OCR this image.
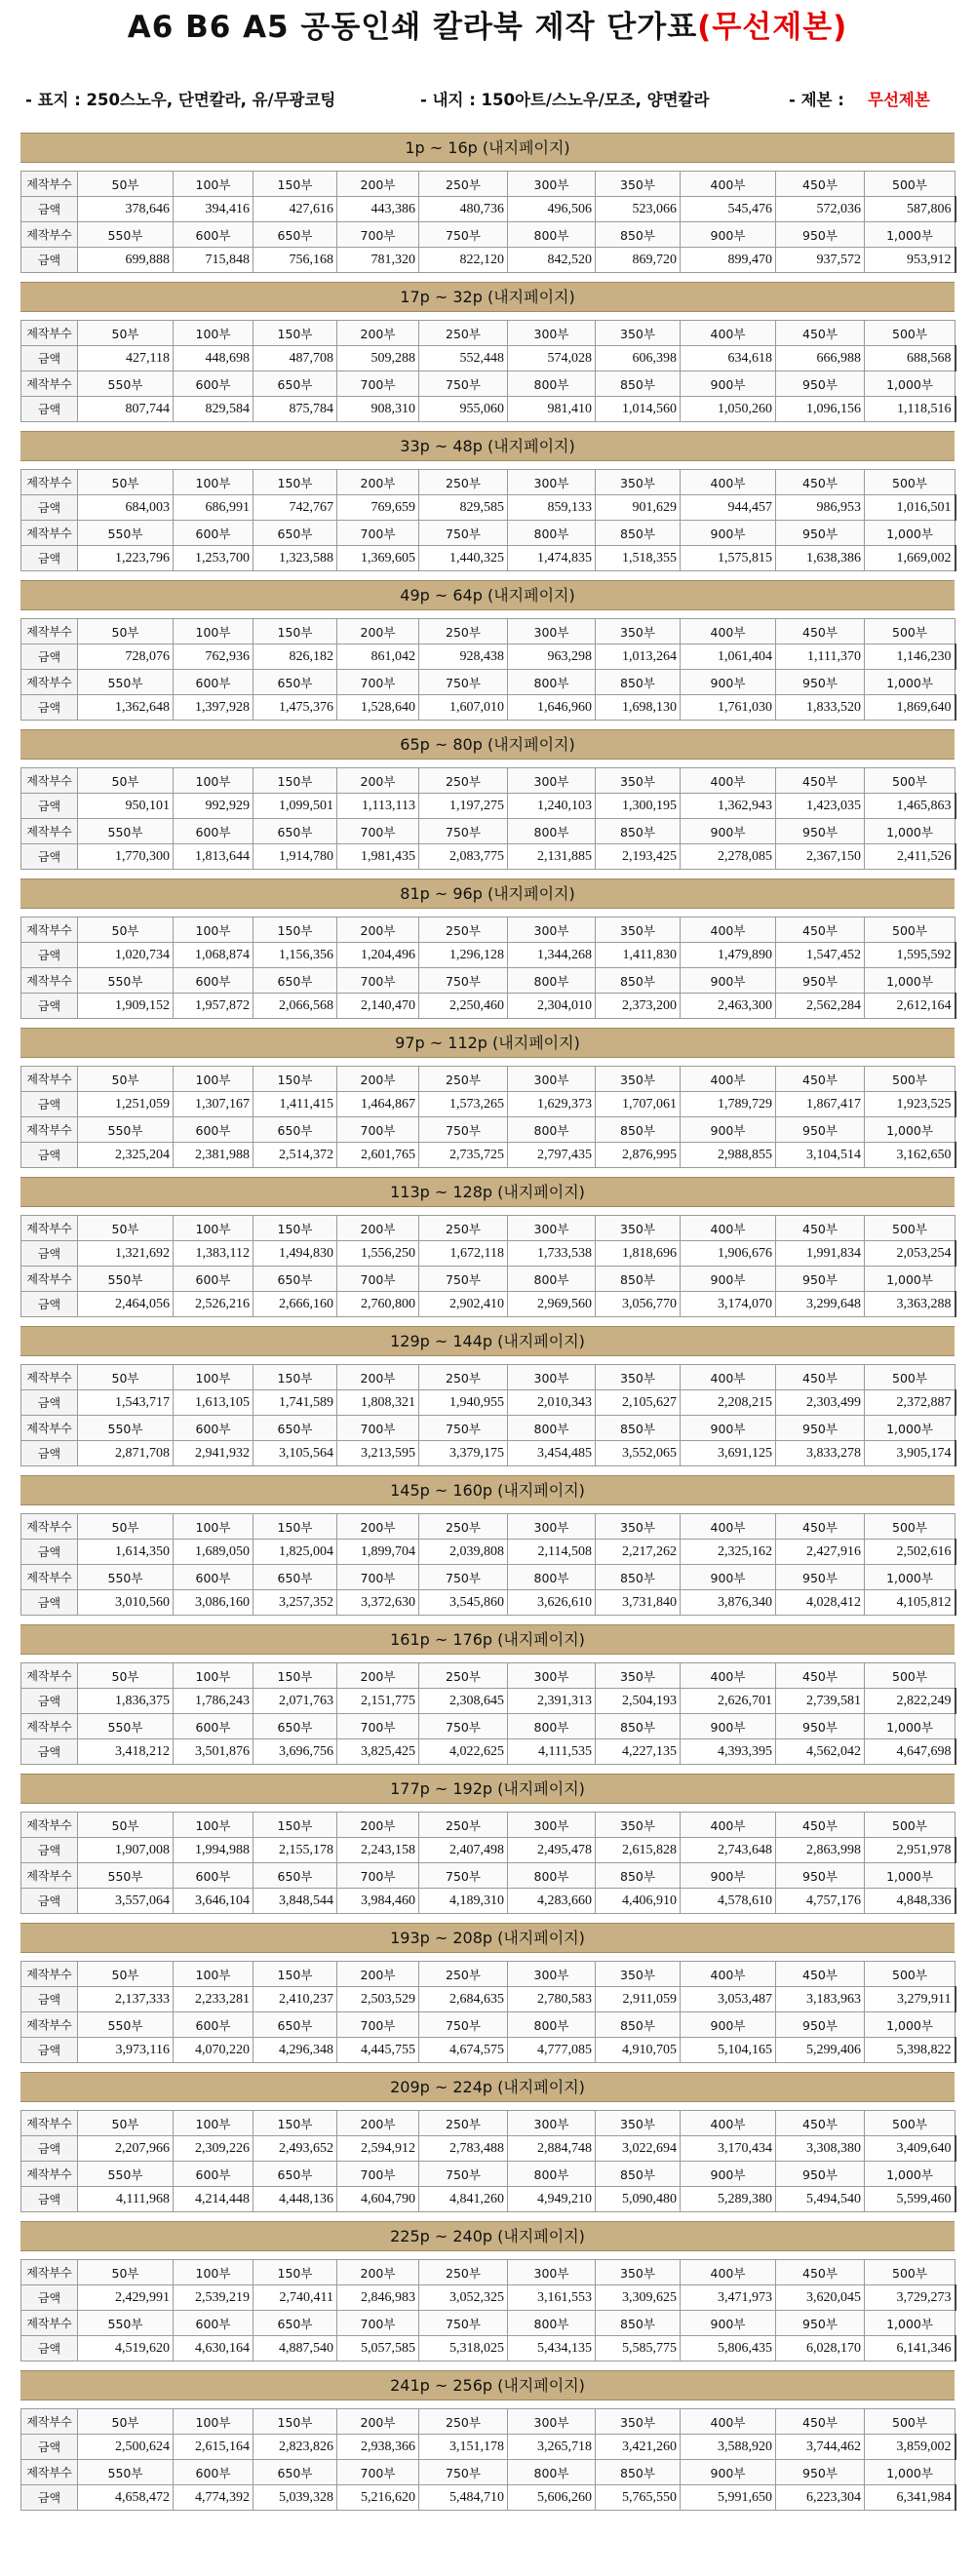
A6 B6 A5 공동인쇄 칼라북 제작 단가표(무선제본)
- 표지 : 250스노우, 단면칼라, 유/무광코팅	- 내지 : 150아트/스노우/모조, 양면칼라	- 제본 : 무선제본
1p ~ 16p (내지페이지)
제작부수	50부	100부	150부	200부	250부	300부	350부	400부	450부	500부
금액	378,646	394,416	427,616	443,386	480,736	496,506	523,066	545,476	572,036	587,806
제작부수	550부	600부	650부	700부	750부	800부	850부	900부	950부	1,000부
금액	699,888	715,848	756,168	781,320	822,120	842,520	869,720	899,470	937,572	953,912
17p ~ 32p (내지페이지)
제작부수	50부	100부	150부	200부	250부	300부	350부	400부	450부	500부
금액	427,118	448,698	487,708	509,288	552,448	574,028	606,398	634,618	666,988	688,568
제작부수	550부	600부	650부	700부	750부	800부	850부	900부	950부	1,000부
금액	807,744	829,584	875,784	908,310	955,060	981,410	1,014,560	1,050,260	1,096,156	1,118,516
33p ~ 48p (내지페이지)
제작부수	50부	100부	150부	200부	250부	300부	350부	400부	450부	500부
금액	684,003	686,991	742,767	769,659	829,585	859,133	901,629	944,457	986,953	1,016,501
제작부수	550부	600부	650부	700부	750부	800부	850부	900부	950부	1,000부
금액	1,223,796	1,253,700	1,323,588	1,369,605	1,440,325	1,474,835	1,518,355	1,575,815	1,638,386	1,669,002
49p ~ 64p (내지페이지)
제작부수	50부	100부	150부	200부	250부	300부	350부	400부	450부	500부
금액	728,076	762,936	826,182	861,042	928,438	963,298	1,013,264	1,061,404	1,111,370	1,146,230
제작부수	550부	600부	650부	700부	750부	800부	850부	900부	950부	1,000부
금액	1,362,648	1,397,928	1,475,376	1,528,640	1,607,010	1,646,960	1,698,130	1,761,030	1,833,520	1,869,640
65p ~ 80p (내지페이지)
제작부수	50부	100부	150부	200부	250부	300부	350부	400부	450부	500부
금액	950,101	992,929	1,099,501	1,113,113	1,197,275	1,240,103	1,300,195	1,362,943	1,423,035	1,465,863
제작부수	550부	600부	650부	700부	750부	800부	850부	900부	950부	1,000부
금액	1,770,300	1,813,644	1,914,780	1,981,435	2,083,775	2,131,885	2,193,425	2,278,085	2,367,150	2,411,526
81p ~ 96p (내지페이지)
제작부수	50부	100부	150부	200부	250부	300부	350부	400부	450부	500부
금액	1,020,734	1,068,874	1,156,356	1,204,496	1,296,128	1,344,268	1,411,830	1,479,890	1,547,452	1,595,592
제작부수	550부	600부	650부	700부	750부	800부	850부	900부	950부	1,000부
금액	1,909,152	1,957,872	2,066,568	2,140,470	2,250,460	2,304,010	2,373,200	2,463,300	2,562,284	2,612,164
97p ~ 112p (내지페이지)
제작부수	50부	100부	150부	200부	250부	300부	350부	400부	450부	500부
금액	1,251,059	1,307,167	1,411,415	1,464,867	1,573,265	1,629,373	1,707,061	1,789,729	1,867,417	1,923,525
제작부수	550부	600부	650부	700부	750부	800부	850부	900부	950부	1,000부
금액	2,325,204	2,381,988	2,514,372	2,601,765	2,735,725	2,797,435	2,876,995	2,988,855	3,104,514	3,162,650
113p ~ 128p (내지페이지)
제작부수	50부	100부	150부	200부	250부	300부	350부	400부	450부	500부
금액	1,321,692	1,383,112	1,494,830	1,556,250	1,672,118	1,733,538	1,818,696	1,906,676	1,991,834	2,053,254
제작부수	550부	600부	650부	700부	750부	800부	850부	900부	950부	1,000부
금액	2,464,056	2,526,216	2,666,160	2,760,800	2,902,410	2,969,560	3,056,770	3,174,070	3,299,648	3,363,288
129p ~ 144p (내지페이지)
제작부수	50부	100부	150부	200부	250부	300부	350부	400부	450부	500부
금액	1,543,717	1,613,105	1,741,589	1,808,321	1,940,955	2,010,343	2,105,627	2,208,215	2,303,499	2,372,887
제작부수	550부	600부	650부	700부	750부	800부	850부	900부	950부	1,000부
금액	2,871,708	2,941,932	3,105,564	3,213,595	3,379,175	3,454,485	3,552,065	3,691,125	3,833,278	3,905,174
145p ~ 160p (내지페이지)
제작부수	50부	100부	150부	200부	250부	300부	350부	400부	450부	500부
금액	1,614,350	1,689,050	1,825,004	1,899,704	2,039,808	2,114,508	2,217,262	2,325,162	2,427,916	2,502,616
제작부수	550부	600부	650부	700부	750부	800부	850부	900부	950부	1,000부
금액	3,010,560	3,086,160	3,257,352	3,372,630	3,545,860	3,626,610	3,731,840	3,876,340	4,028,412	4,105,812
161p ~ 176p (내지페이지)
제작부수	50부	100부	150부	200부	250부	300부	350부	400부	450부	500부
금액	1,836,375	1,786,243	2,071,763	2,151,775	2,308,645	2,391,313	2,504,193	2,626,701	2,739,581	2,822,249
제작부수	550부	600부	650부	700부	750부	800부	850부	900부	950부	1,000부
금액	3,418,212	3,501,876	3,696,756	3,825,425	4,022,625	4,111,535	4,227,135	4,393,395	4,562,042	4,647,698
177p ~ 192p (내지페이지)
제작부수	50부	100부	150부	200부	250부	300부	350부	400부	450부	500부
금액	1,907,008	1,994,988	2,155,178	2,243,158	2,407,498	2,495,478	2,615,828	2,743,648	2,863,998	2,951,978
제작부수	550부	600부	650부	700부	750부	800부	850부	900부	950부	1,000부
금액	3,557,064	3,646,104	3,848,544	3,984,460	4,189,310	4,283,660	4,406,910	4,578,610	4,757,176	4,848,336
193p ~ 208p (내지페이지)
제작부수	50부	100부	150부	200부	250부	300부	350부	400부	450부	500부
금액	2,137,333	2,233,281	2,410,237	2,503,529	2,684,635	2,780,583	2,911,059	3,053,487	3,183,963	3,279,911
제작부수	550부	600부	650부	700부	750부	800부	850부	900부	950부	1,000부
금액	3,973,116	4,070,220	4,296,348	4,445,755	4,674,575	4,777,085	4,910,705	5,104,165	5,299,406	5,398,822
209p ~ 224p (내지페이지)
제작부수	50부	100부	150부	200부	250부	300부	350부	400부	450부	500부
금액	2,207,966	2,309,226	2,493,652	2,594,912	2,783,488	2,884,748	3,022,694	3,170,434	3,308,380	3,409,640
제작부수	550부	600부	650부	700부	750부	800부	850부	900부	950부	1,000부
금액	4,111,968	4,214,448	4,448,136	4,604,790	4,841,260	4,949,210	5,090,480	5,289,380	5,494,540	5,599,460
225p ~ 240p (내지페이지)
제작부수	50부	100부	150부	200부	250부	300부	350부	400부	450부	500부
금액	2,429,991	2,539,219	2,740,411	2,846,983	3,052,325	3,161,553	3,309,625	3,471,973	3,620,045	3,729,273
제작부수	550부	600부	650부	700부	750부	800부	850부	900부	950부	1,000부
금액	4,519,620	4,630,164	4,887,540	5,057,585	5,318,025	5,434,135	5,585,775	5,806,435	6,028,170	6,141,346
241p ~ 256p (내지페이지)
제작부수	50부	100부	150부	200부	250부	300부	350부	400부	450부	500부
금액	2,500,624	2,615,164	2,823,826	2,938,366	3,151,178	3,265,718	3,421,260	3,588,920	3,744,462	3,859,002
제작부수	550부	600부	650부	700부	750부	800부	850부	900부	950부	1,000부
금액	4,658,472	4,774,392	5,039,328	5,216,620	5,484,710	5,606,260	5,765,550	5,991,650	6,223,304	6,341,984
